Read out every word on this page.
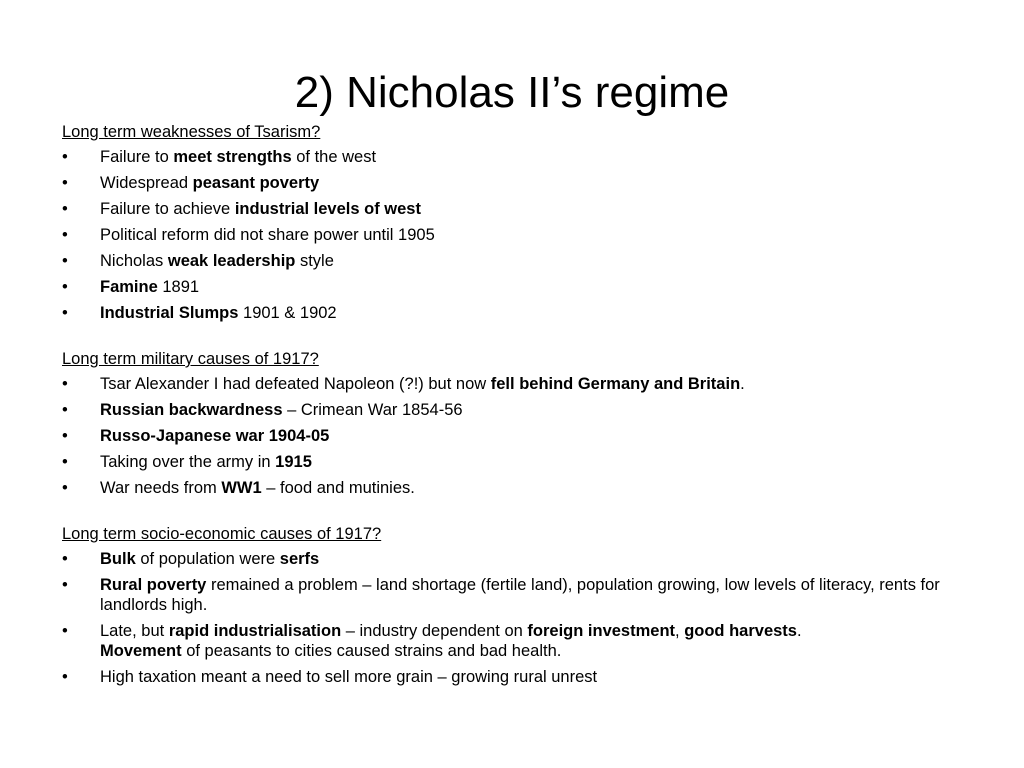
2) Nicholas II’s regime

Long term weaknesses of Tsarism?

• Failure to meet strengths of the west
• Widespread peasant poverty
• Failure to achieve industrial levels of west
• Political reform did not share power until 1905
• Nicholas weak leadership style
• Famine 1891
• Industrial Slumps 1901 & 1902

Long term military causes of 1917?

• Tsar Alexander I had defeated Napoleon (?!) but now fell behind Germany and Britain.
• Russian backwardness – Crimean War 1854-56
• Russo-Japanese war 1904-05
• Taking over the army in 1915
• War needs from WW1 – food and mutinies.

Long term socio-economic causes of 1917?

• Bulk of population were serfs
• Rural poverty remained a problem – land shortage (fertile land), population growing, low levels of literacy, rents for landlords high.
• Late, but rapid industrialisation – industry dependent on foreign investment, good harvests.
Movement of peasants to cities caused strains and bad health.
• High taxation meant a need to sell more grain – growing rural unrest
